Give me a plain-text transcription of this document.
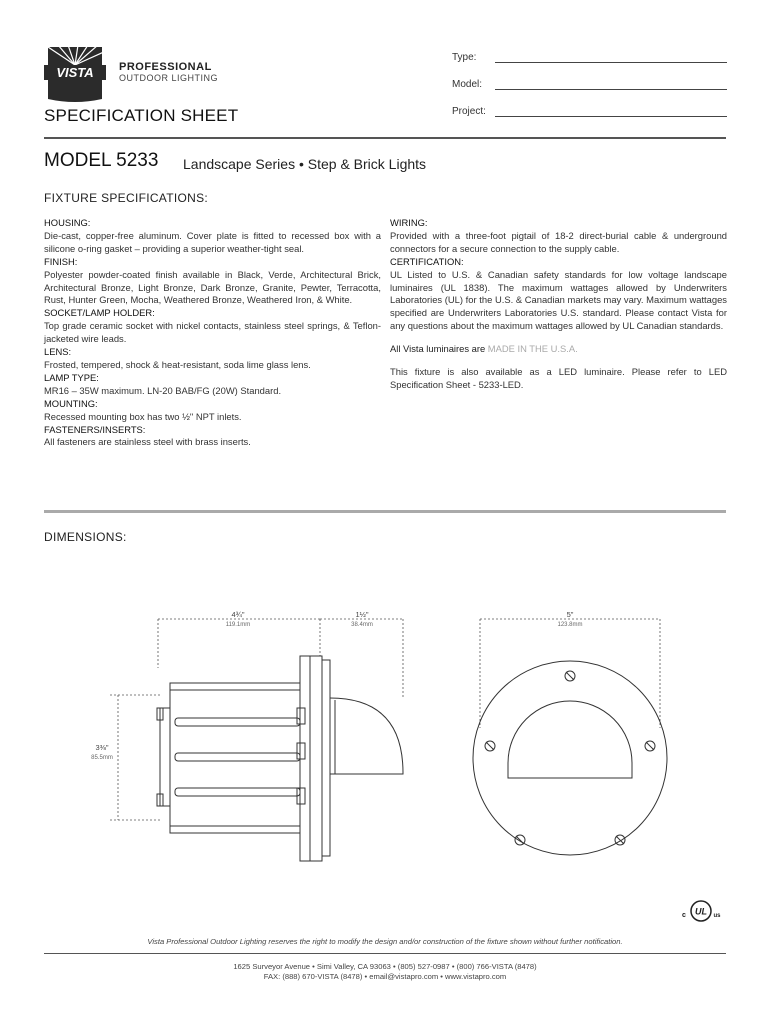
VISTA PROFESSIONAL
OUTDOOR LIGHTING
SPECIFICATION SHEET
Type:
Model:
Project:
MODEL 5233 Landscape Series • Step & Brick Lights
FIXTURE SPECIFICATIONS:
HOUSING:
Die-cast, copper-free aluminum. Cover plate is fitted to recessed box with a silicone o-ring gasket – providing a superior weather-tight seal.
FINISH:
Polyester powder-coated finish available in Black, Verde, Architectural Brick, Architectural Bronze, Light Bronze, Dark Bronze, Granite, Pewter, Terracotta, Rust, Hunter Green, Mocha, Weathered Bronze, Weathered Iron, & White.
SOCKET/LAMP HOLDER:
Top grade ceramic socket with nickel contacts, stainless steel springs, & Teflon-jacketed wire leads.
LENS:
Frosted, tempered, shock & heat-resistant, soda lime glass lens.
LAMP TYPE:
MR16 – 35W maximum. LN-20 BAB/FG (20W) Standard.
MOUNTING:
Recessed mounting box has two ½" NPT inlets.
FASTENERS/INSERTS:
All fasteners are stainless steel with brass inserts.
WIRING:
Provided with a three-foot pigtail of 18-2 direct-burial cable & underground connectors for a secure connection to the supply cable.
CERTIFICATION:
UL Listed to U.S. & Canadian safety standards for low voltage landscape luminaires (UL 1838). The maximum wattages allowed by Underwriters Laboratories (UL) for the U.S. & Canadian markets may vary. Maximum wattages specified are Underwriters Laboratories U.S. standard. Please contact Vista for any questions about the maximum wattages allowed by UL Canadian standards.
All Vista luminaires are MADE IN THE U.S.A.
This fixture is also available as a LED luminaire. Please refer to LED Specification Sheet - 5233-LED.
DIMENSIONS:
4¾"
119.1mm
1½"
38.4mm
3⅜"
85.5mm
5"
123.8mm
c UL us
Vista Professional Outdoor Lighting reserves the right to modify the design and/or construction of the fixture shown without further notification.
1625 Surveyor Avenue • Simi Valley, CA 93063 • (805) 527-0987 • (800) 766-VISTA (8478)
FAX: (888) 670-VISTA (8478) • email@vistapro.com • www.vistapro.com
